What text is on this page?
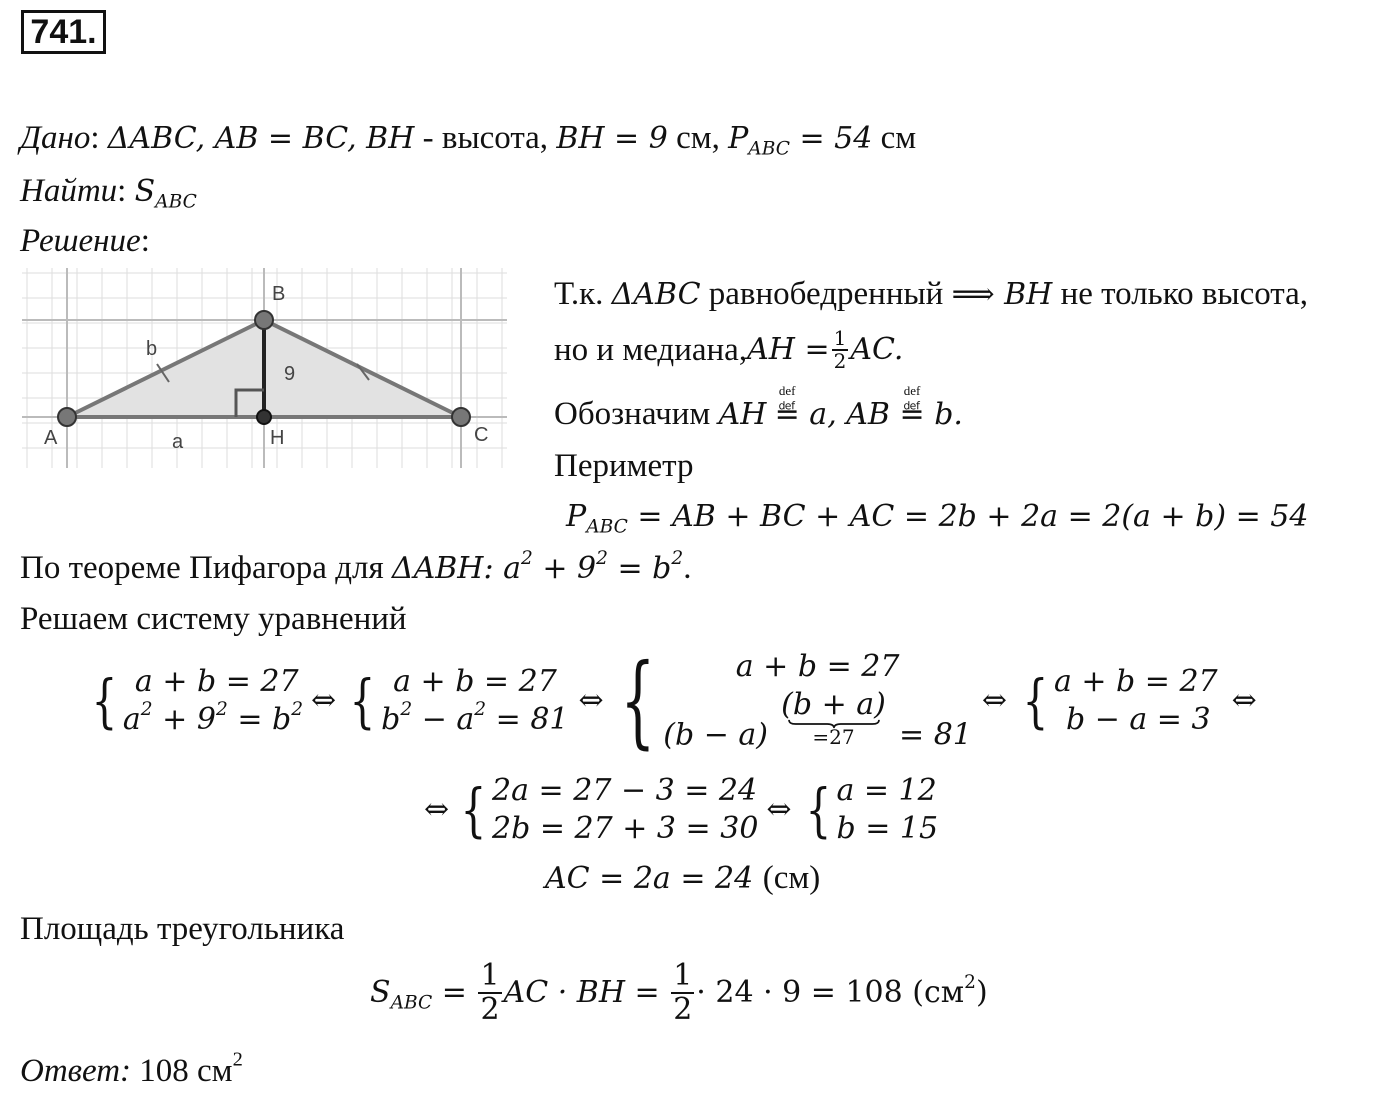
741.
Дано: ΔABC, AB = BC, BH - высота, BH = 9 см, $P_{ABC} = 54$ см
Найти: $S_{ABC}$
Решение:
B
A	H	C
b
a
9
Т.к. ΔABC равнобедренный ⟹ BH не только высота,
но и медиана, AH = $\frac{1}{2}$ AC.
Обозначим AH
def
≝ a, AB
def
≝ b.
Периметр
$P_{ABC}$ = AB + BC + AC = 2b + 2a = 2(a + b) = 54
По теореме Пифагора для ΔABH: $a^2 + 9^2 = b^2$.
Решаем систему уравнений
{ a + b = 27
$a^2 + 9^2 = b^2$ ⇔ { a + b = 27
$b^2 - a^2 = 81$
⇔ {	a + b = 27
(b − a) (b + a)
=27	= 81
⇔ { a + b = 27
b − a = 3
⇔
⇔ { 2a = 27 − 3 = 24
2b = 27 + 3 = 30
⇔ { a = 12
b = 15
AC = 2a = 24 (см)
Площадь треугольника
$S_{ABC} = \frac{1}{2}$ AC · BH = $\frac{1}{2} \cdot 24 \cdot 9 = 108$ $(см^2)$
Ответ: 108 $см^2$
